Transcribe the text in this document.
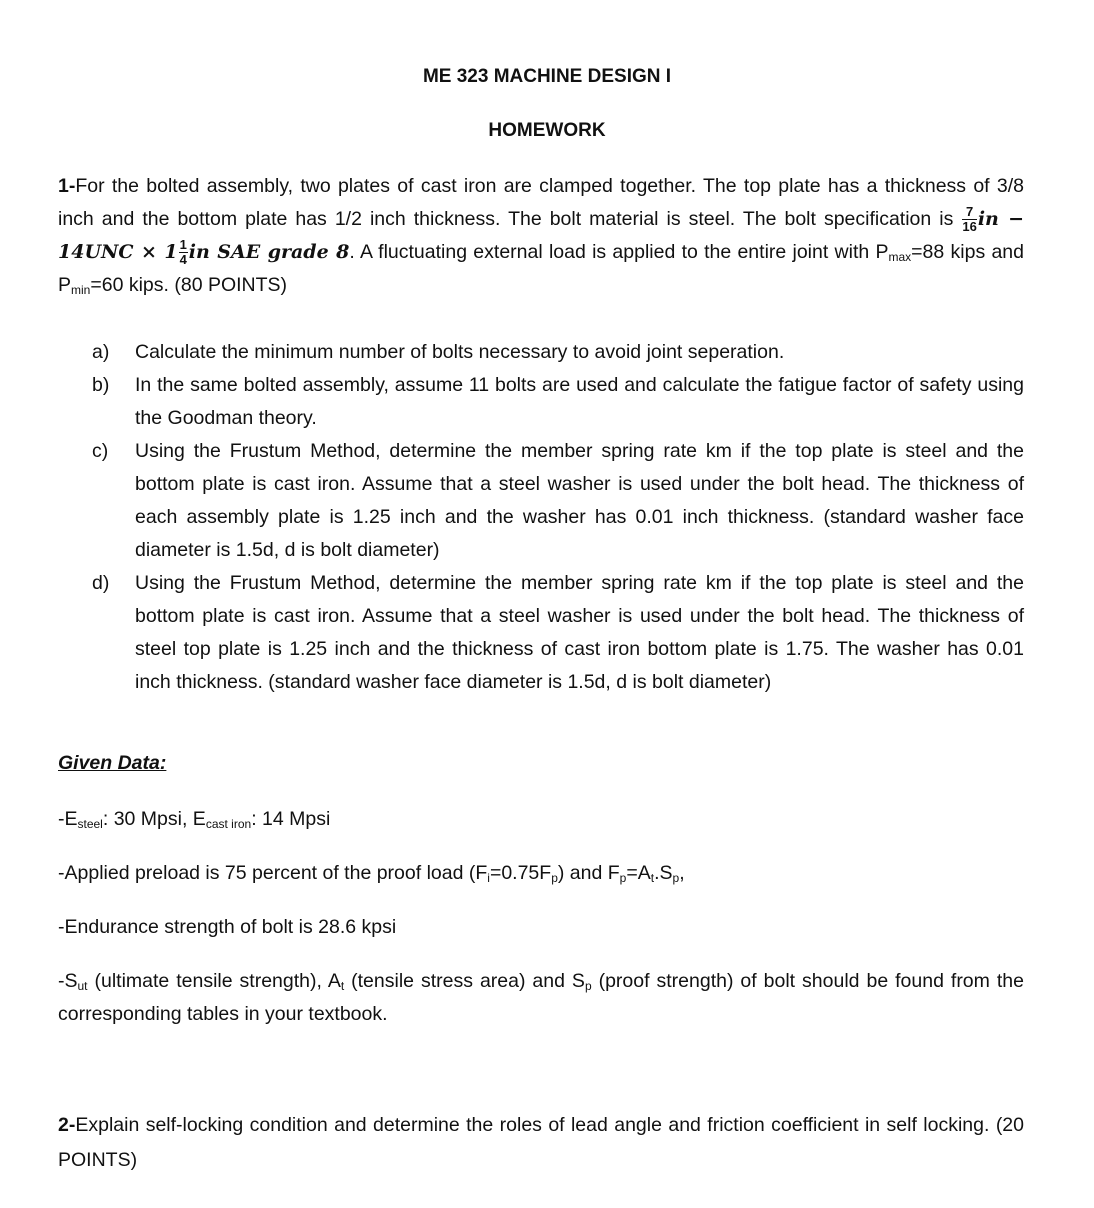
ME 323 MACHINE DESIGN I
HOMEWORK

1-For the bolted assembly, two plates of cast iron are clamped together. The top plate has a thickness of 3/8 inch and the bottom plate has 1/2 inch thickness. The bolt material is steel. The bolt specification is $\frac{7}{16}$ in − $14UNC \times 1 \frac{1}{4}$ in SAE grade 8. A fluctuating external load is applied to the entire joint with $P_{max}=88$ kips and $P_{min}=60$ kips. (80 POINTS)

a)	Calculate the minimum number of bolts necessary to avoid joint seperation.
b)	In the same bolted assembly, assume 11 bolts are used and calculate the fatigue factor of safety using the Goodman theory.
c)	Using the Frustum Method, determine the member spring rate km if the top plate is steel and the bottom plate is cast iron. Assume that a steel washer is used under the bolt head. The thickness of each assembly plate is 1.25 inch and the washer has 0.01 inch thickness. (standard washer face diameter is 1.5d, d is bolt diameter)
d)	Using the Frustum Method, determine the member spring rate km if the top plate is steel and the bottom plate is cast iron. Assume that a steel washer is used under the bolt head. The thickness of steel top plate is 1.25 inch and the thickness of cast iron bottom plate is 1.75. The washer has 0.01 inch thickness. (standard washer face diameter is 1.5d, d is bolt diameter)
Given Data:
$-E_{steel}$: 30 Mpsi, $E_{cast iron}$: 14 Mpsi
-Applied preload is 75 percent of the proof load $(F_i=0.75F_p)$ and $F_p=A_t.S_p$,
-Endurance strength of bolt is 28.6 kpsi
$-S_{ut}$ (ultimate tensile strength), $A_t$ (tensile stress area) and $S_p$ (proof strength) of bolt should be found from the corresponding tables in your textbook.

2-Explain self-locking condition and determine the roles of lead angle and friction coefficient in self locking. (20 POINTS)
